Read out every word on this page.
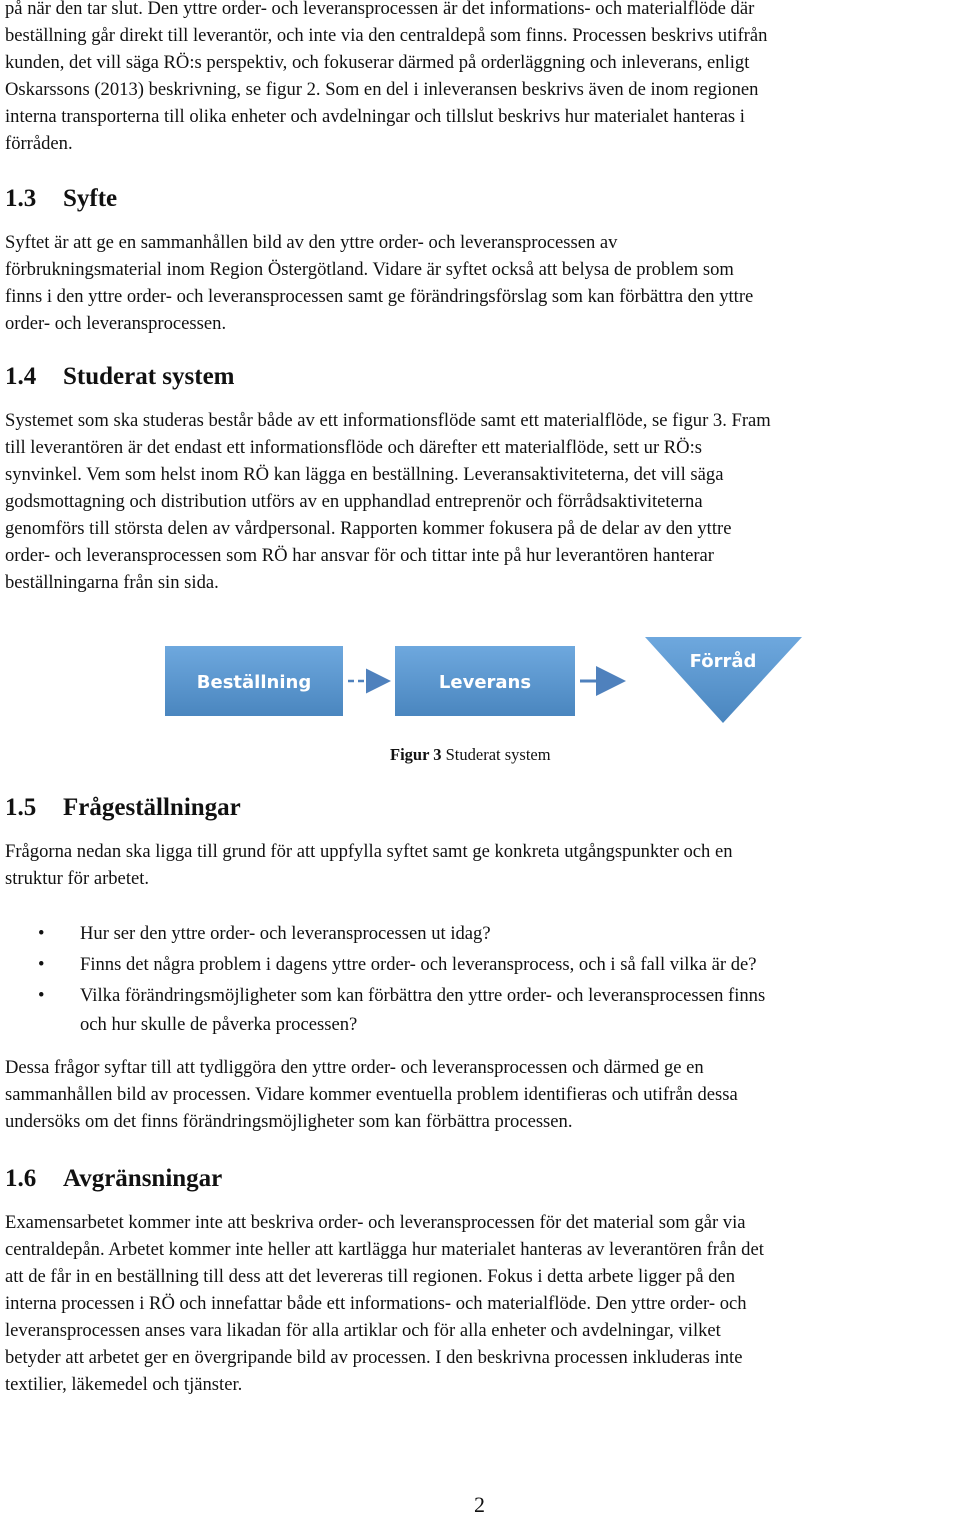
på när den tar slut. Den yttre order- och leveransprocessen är det informations- och materialflöde där
beställning går direkt till leverantör, och inte via den centraldepå som finns. Processen beskrivs utifrån
kunden, det vill säga RÖ:s perspektiv, och fokuserar därmed på orderläggning och inleverans, enligt
Oskarssons (2013) beskrivning, se figur 2. Som en del i inleveransen beskrivs även de inom regionen
interna transporterna till olika enheter och avdelningar och tillslut beskrivs hur materialet hanteras i
förråden.

1.3 Syfte

Syftet är att ge en sammanhållen bild av den yttre order- och leveransprocessen av
förbrukningsmaterial inom Region Östergötland. Vidare är syftet också att belysa de problem som
finns i den yttre order- och leveransprocessen samt ge förändringsförslag som kan förbättra den yttre
order- och leveransprocessen.

1.4 Studerat system

Systemet som ska studeras består både av ett informationsflöde samt ett materialflöde, se figur 3. Fram
till leverantören är det endast ett informationsflöde och därefter ett materialflöde, sett ur RÖ:s
synvinkel. Vem som helst inom RÖ kan lägga en beställning. Leveransaktiviteterna, det vill säga
godsmottagning och distribution utförs av en upphandlad entreprenör och förrådsaktiviteterna
genomförs till största delen av vårdpersonal. Rapporten kommer fokusera på de delar av den yttre
order- och leveransprocessen som RÖ har ansvar för och tittar inte på hur leverantören hanterar
beställningarna från sin sida.

Beställning	Leverans
Förråd
Figur 3 Studerat system
1.5 Frågeställningar

Frågorna nedan ska ligga till grund för att uppfylla syftet samt ge konkreta utgångspunkter och en
struktur för arbetet.

• Hur ser den yttre order- och leveransprocessen ut idag?
• Finns det några problem i dagens yttre order- och leveransprocess, och i så fall vilka är de?
• Vilka förändringsmöjligheter som kan förbättra den yttre order- och leveransprocessen finns
och hur skulle de påverka processen?

Dessa frågor syftar till att tydliggöra den yttre order- och leveransprocessen och därmed ge en
sammanhållen bild av processen. Vidare kommer eventuella problem identifieras och utifrån dessa
undersöks om det finns förändringsmöjligheter som kan förbättra processen.

1.6 Avgränsningar

Examensarbetet kommer inte att beskriva order- och leveransprocessen för det material som går via
centraldepån. Arbetet kommer inte heller att kartlägga hur materialet hanteras av leverantören från det
att de får in en beställning till dess att det levereras till regionen. Fokus i detta arbete ligger på den
interna processen i RÖ och innefattar både ett informations- och materialflöde. Den yttre order- och
leveransprocessen anses vara likadan för alla artiklar och för alla enheter och avdelningar, vilket
betyder att arbetet ger en övergripande bild av processen. I den beskrivna processen inkluderas inte
textilier, läkemedel och tjänster.

2
